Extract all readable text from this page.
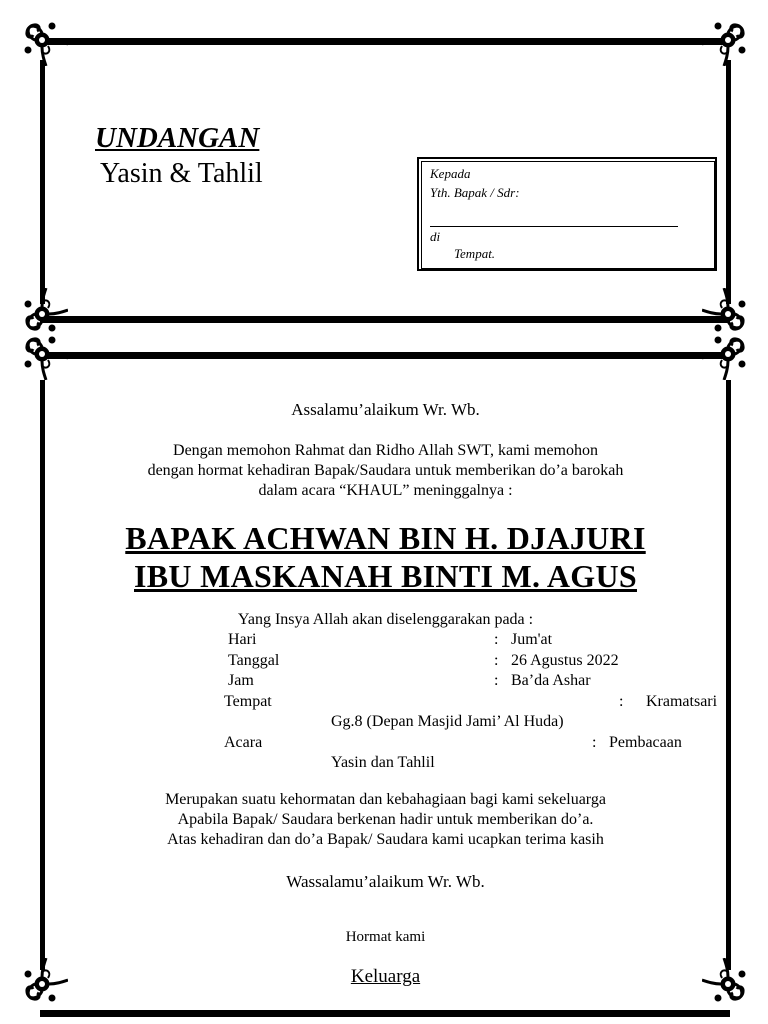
UNDANGAN
Yasin & Tahlil	Kepada
Yth. Bapak / Sdr:
di
Tempat.
Assalamu’alaikum Wr. Wb.
Dengan memohon Rahmat dan Ridho Allah SWT, kami memohon
dengan hormat kehadiran Bapak/Saudara untuk memberikan do’a barokah
dalam acara “KHAUL” meninggalnya :
BAPAK ACHWAN BIN H. DJAJURI
IBU MASKANAH BINTI M. AGUS
Yang Insya Allah akan diselenggarakan pada :
Hari	: Jum'at
Tanggal	: 26 Agustus 2022
Jam	: Ba’da Ashar
Tempat	: Kramatsari
Gg.8 (Depan Masjid Jami’ Al Huda)
Acara	: Pembacaan
Yasin dan Tahlil
Merupakan suatu kehormatan dan kebahagiaan bagi kami sekeluarga
Apabila Bapak/ Saudara berkenan hadir untuk memberikan do’a.
Atas kehadiran dan do’a Bapak/ Saudara kami ucapkan terima kasih
Wassalamu’alaikum Wr. Wb.
Hormat kami
Keluarga
